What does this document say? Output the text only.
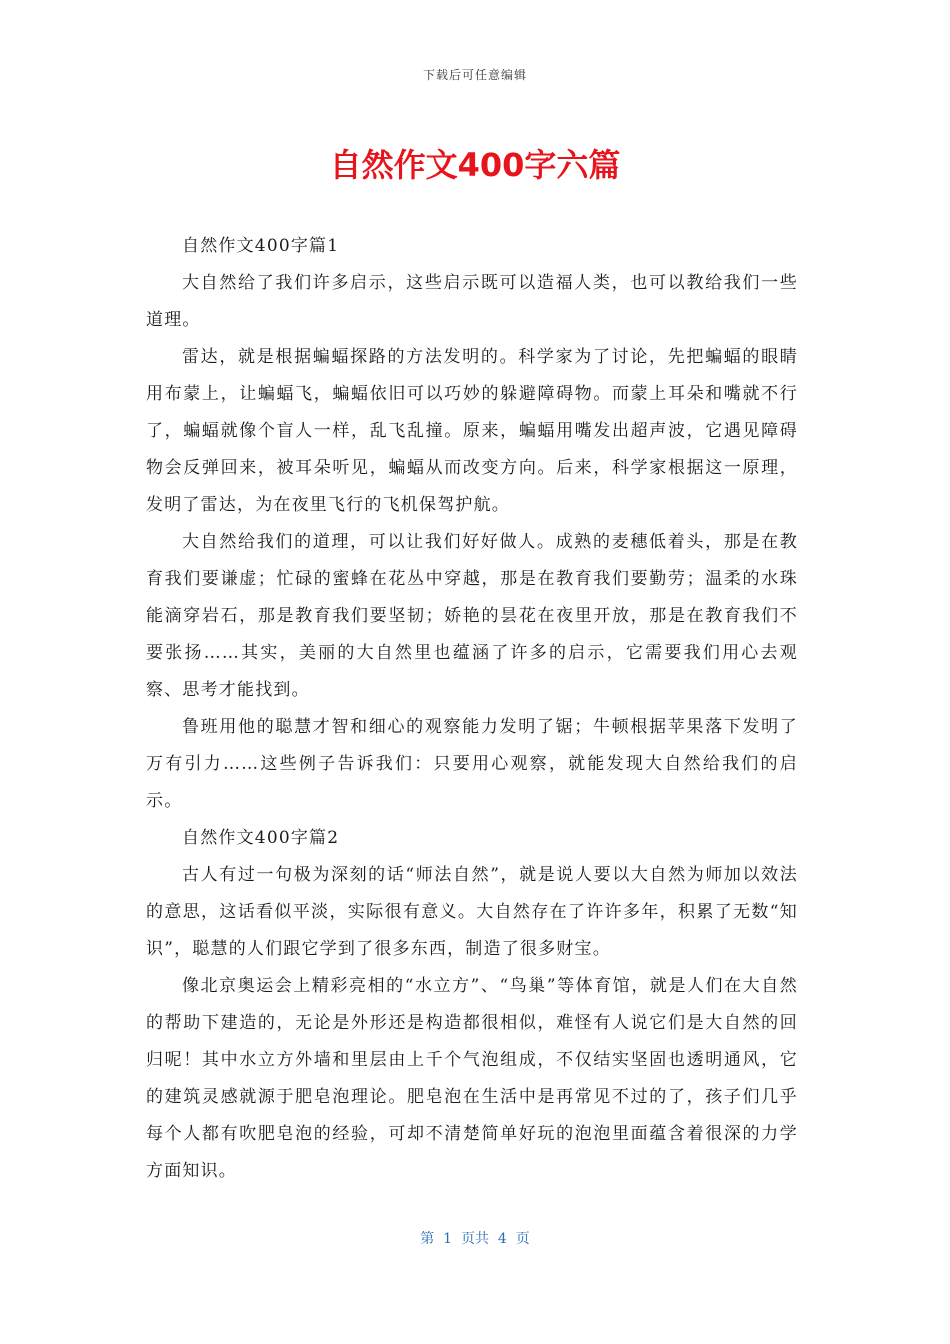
下载后可任意编辑
自然作文400字六篇

自然作文400字篇1

大自然给了我们许多启示，这些启示既可以造福人类，也可以教给我们一些道理。

雷达，就是根据蝙蝠探路的方法发明的。科学家为了讨论，先把蝙蝠的眼睛用布蒙上，让蝙蝠飞，蝙蝠依旧可以巧妙的躲避障碍物。而蒙上耳朵和嘴就不行了，蝙蝠就像个盲人一样，乱飞乱撞。原来，蝙蝠用嘴发出超声波，它遇见障碍物会反弹回来，被耳朵听见，蝙蝠从而改变方向。后来，科学家根据这一原理，发明了雷达，为在夜里飞行的飞机保驾护航。

大自然给我们的道理，可以让我们好好做人。成熟的麦穗低着头，那是在教育我们要谦虚；忙碌的蜜蜂在花丛中穿越，那是在教育我们要勤劳；温柔的水珠能滴穿岩石，那是教育我们要坚韧；娇艳的昙花在夜里开放，那是在教育我们不要张扬……其实，美丽的大自然里也蕴涵了许多的启示，它需要我们用心去观察、思考才能找到。

鲁班用他的聪慧才智和细心的观察能力发明了锯；牛顿根据苹果落下发明了万有引力……这些例子告诉我们：只要用心观察，就能发现大自然给我们的启示。

自然作文400字篇2

古人有过一句极为深刻的话“师法自然”，就是说人要以大自然为师加以效法的意思，这话看似平淡，实际很有意义。大自然存在了许许多年，积累了无数“知识”，聪慧的人们跟它学到了很多东西，制造了很多财宝。

像北京奥运会上精彩亮相的“水立方”、“鸟巢”等体育馆，就是人们在大自然的帮助下建造的，无论是外形还是构造都很相似，难怪有人说它们是大自然的回归呢！其中水立方外墙和里层由上千个气泡组成，不仅结实坚固也透明通风，它的建筑灵感就源于肥皂泡理论。肥皂泡在生活中是再常见不过的了，孩子们几乎每个人都有吹肥皂泡的经验，可却不清楚简单好玩的泡泡里面蕴含着很深的力学方面知识。

第  1  页共  4  页
